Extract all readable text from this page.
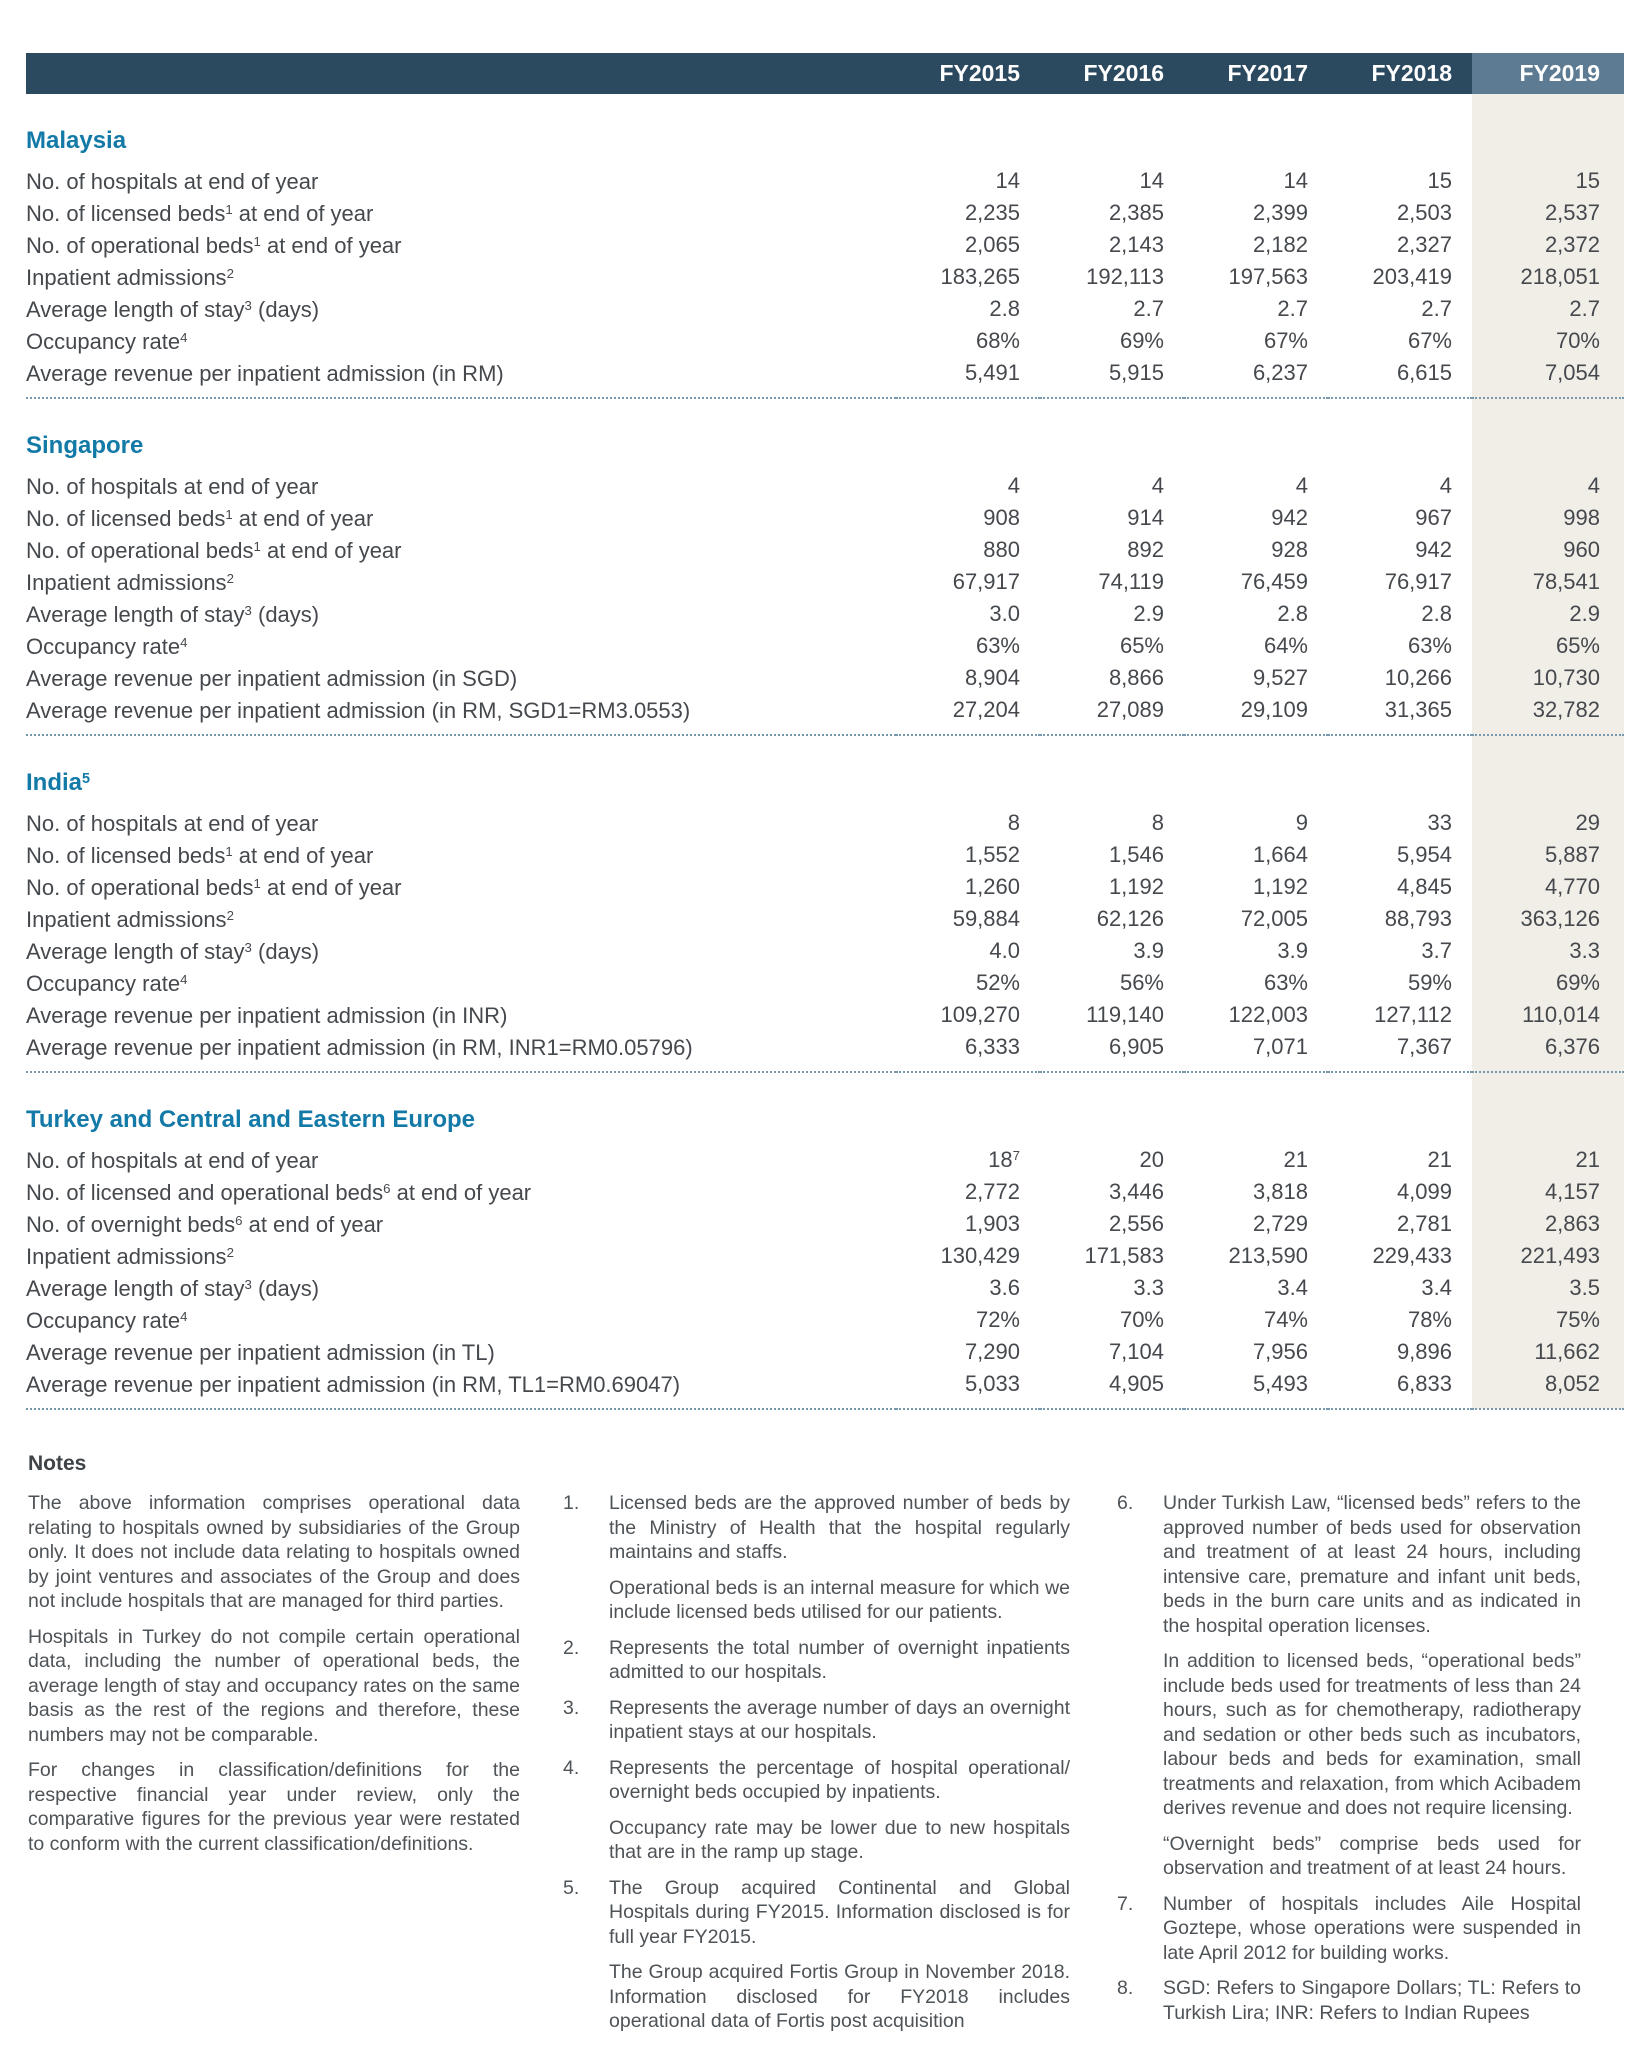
	FY2015	FY2016	FY2017	FY2018	FY2019
Malaysia					
No. of hospitals at end of year	14	14	14	15	15
No. of licensed beds$^1$ at end of year	2,235	2,385	2,399	2,503	2,537
No. of operational beds$^1$ at end of year	2,065	2,143	2,182	2,327	2,372
Inpatient admissions$^2$	183,265	192,113	197,563	203,419	218,051
Average length of stay$^3$ (days)	2.8	2.7	2.7	2.7	2.7
Occupancy rate$^4$	68%	69%	67%	67%	70%
Average revenue per inpatient admission (in RM)	5,491	5,915	6,237	6,615	7,054

Singapore					
No. of hospitals at end of year	4	4	4	4	4
No. of licensed beds$^1$ at end of year	908	914	942	967	998
No. of operational beds$^1$ at end of year	880	892	928	942	960
Inpatient admissions$^2$	67,917	74,119	76,459	76,917	78,541
Average length of stay$^3$ (days)	3.0	2.9	2.8	2.8	2.9
Occupancy rate$^4$	63%	65%	64%	63%	65%
Average revenue per inpatient admission (in SGD)	8,904	8,866	9,527	10,266	10,730
Average revenue per inpatient admission (in RM, SGD1=RM3.0553)	27,204	27,089	29,109	31,365	32,782

India$^5$	
No. of hospitals at end of year	8	8	9	33	29
No. of licensed beds$^1$ at end of year	1,552	1,546	1,664	5,954	5,887
No. of operational beds$^1$ at end of year	1,260	1,192	1,192	4,845	4,770
Inpatient admissions$^2$	59,884	62,126	72,005	88,793	363,126
Average length of stay$^3$ (days)	4.0	3.9	3.9	3.7	3.3
Occupancy rate$^4$	52%	56%	63%	59%	69%
Average revenue per inpatient admission (in INR)	109,270	119,140	122,003	127,112	110,014
Average revenue per inpatient admission (in RM, INR1=RM0.05796)	6,333	6,905	7,071	7,367	6,376

Turkey and Central and Eastern Europe					
No. of hospitals at end of year	$18^7$	20	21	21	21
No. of licensed and operational beds$^6$ at end of year	2,772	3,446	3,818	4,099	4,157
No. of overnight beds$^6$ at end of year	1,903	2,556	2,729	2,781	2,863
Inpatient admissions$^2$	130,429	171,583	213,590	229,433	221,493
Average length of stay$^3$ (days)	3.6	3.3	3.4	3.4	3.5
Occupancy rate$^4$	72%	70%	74%	78%	75%
Average revenue per inpatient admission (in TL)	7,290	7,104	7,956	9,896	11,662
Average revenue per inpatient admission (in RM, TL1=RM0.69047)	5,033	4,905	5,493	6,833	8,052

Notes

The above information comprises operational data relating to hospitals owned by subsidiaries of the Group only. It does not include data relating to hospitals owned by joint ventures and associates of the Group and does not include hospitals that are managed for third parties.

Hospitals in Turkey do not compile certain operational data, including the number of operational beds, the average length of stay and occupancy rates on the same basis as the rest of the regions and therefore, these numbers may not be comparable.

For changes in classification/definitions for the respective financial year under review, only the comparative figures for the previous year were restated to conform with the current classification/definitions.

1.	Licensed beds are the approved number of beds by the Ministry of Health that the hospital regularly maintains and staffs.

Operational beds is an internal measure for which we include licensed beds utilised for our patients.

2.	Represents the total number of overnight inpatients admitted to our hospitals.

3.	Represents the average number of days an overnight inpatient stays at our hospitals.

4.	Represents the percentage of hospital operational/ overnight beds occupied by inpatients.

Occupancy rate may be lower due to new hospitals that are in the ramp up stage.

5.	The Group acquired Continental and Global Hospitals during FY2015. Information disclosed is for full year FY2015.

The Group acquired Fortis Group in November 2018. Information disclosed for FY2018 includes operational data of Fortis post acquisition

6.	Under Turkish Law, “licensed beds” refers to the approved number of beds used for observation and treatment of at least 24 hours, including intensive care, premature and infant unit beds, beds in the burn care units and as indicated in the hospital operation licenses.

In addition to licensed beds, “operational beds” include beds used for treatments of less than 24 hours, such as for chemotherapy, radiotherapy and sedation or other beds such as incubators, labour beds and beds for examination, small treatments and relaxation, from which Acibadem derives revenue and does not require licensing.

“Overnight beds” comprise beds used for observation and treatment of at least 24 hours.

7.	Number of hospitals includes Aile Hospital Goztepe, whose operations were suspended in late April 2012 for building works.

8.	SGD: Refers to Singapore Dollars; TL: Refers to Turkish Lira; INR: Refers to Indian Rupees
